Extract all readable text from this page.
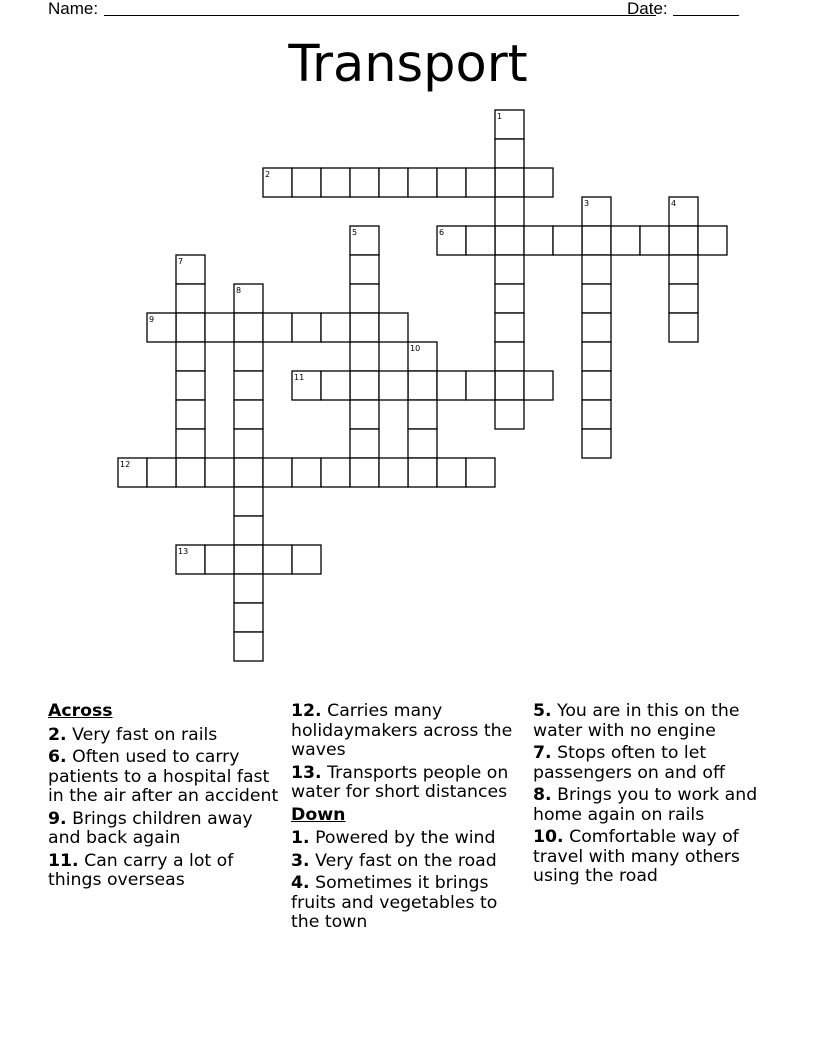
Name:	Date:
Transport
1
2
3	4
5	6
7
8
9
10
11
12
13
Across
2. Very fast on rails
6. Often used to carry patients to a hospital fast in the air after an accident
9. Brings children away and back again
11. Can carry a lot of things overseas
12. Carries many holidaymakers across the waves
13. Transports people on water for short distances
Down
1. Powered by the wind
3. Very fast on the road
4. Sometimes it brings fruits and vegetables to the town
5. You are in this on the water with no engine
7. Stops often to let passengers on and off
8. Brings you to work and home again on rails
10. Comfortable way of travel with many others using the road
